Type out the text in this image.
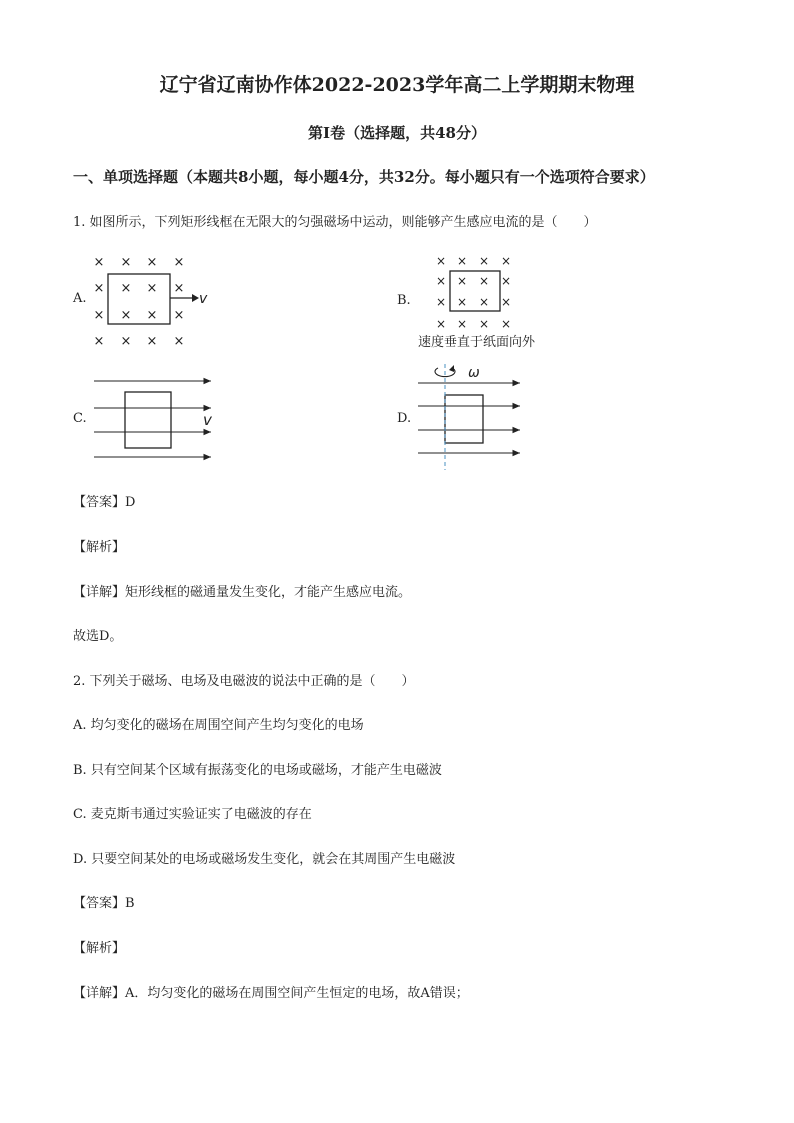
辽宁省辽南协作体2022-2023学年高二上学期期末物理
第I卷（选择题，共48分）
一、单项选择题（本题共8小题，每小题4分，共32分。每小题只有一个选项符合要求）
1. 如图所示，下列矩形线框在无限大的匀强磁场中运动，则能够产生感应电流的是（　　）
A.
× × × ×
× × × ×
× × × ×
× × × ×
v	B.
× × × ×
× × × ×
× × × ×
× × × ×
速度垂直于纸面向外
C.	v	D.
ω
【答案】D
【解析】
【详解】矩形线框的磁通量发生变化，才能产生感应电流。
故选D。
2. 下列关于磁场、电场及电磁波的说法中正确的是（　　）
A. 均匀变化的磁场在周围空间产生均匀变化的电场
B. 只有空间某个区域有振荡变化的电场或磁场，才能产生电磁波
C. 麦克斯韦通过实验证实了电磁波的存在
D. 只要空间某处的电场或磁场发生变化，就会在其周围产生电磁波
【答案】B
【解析】
【详解】A．均匀变化的磁场在周围空间产生恒定的电场，故A错误；
